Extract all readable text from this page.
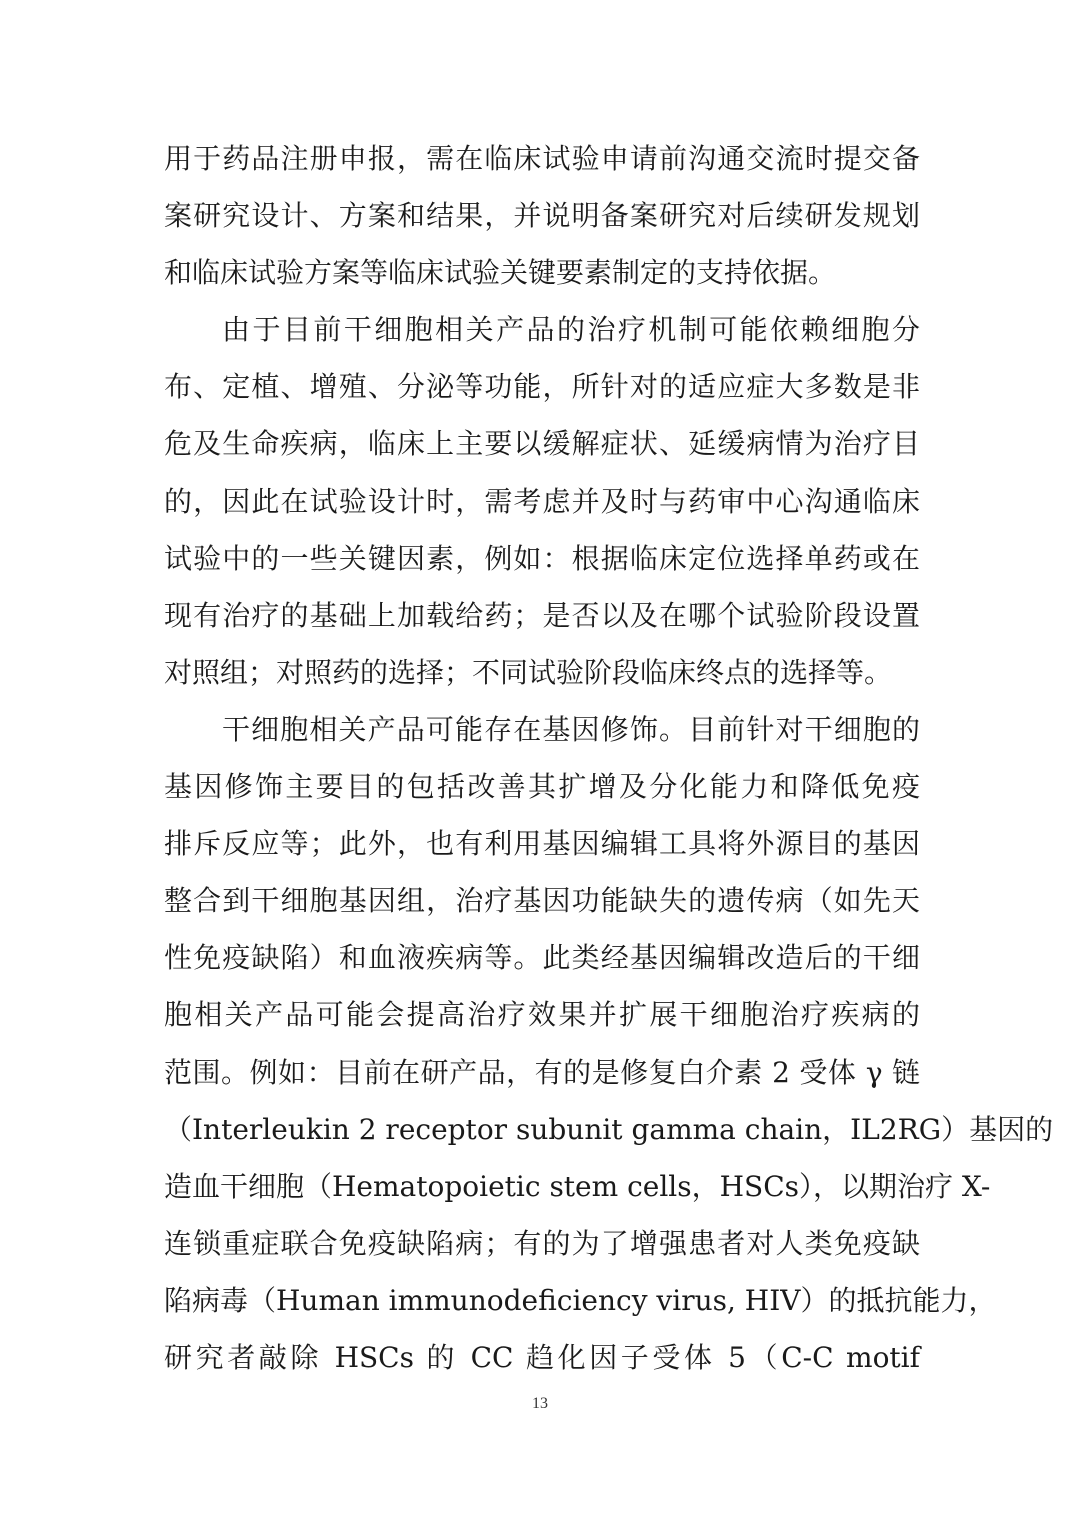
用于药品注册申报，需在临床试验申请前沟通交流时提交备
案研究设计、方案和结果，并说明备案研究对后续研发规划
和临床试验方案等临床试验关键要素制定的支持依据。
由于目前干细胞相关产品的治疗机制可能依赖细胞分
布、定植、增殖、分泌等功能，所针对的适应症大多数是非
危及生命疾病，临床上主要以缓解症状、延缓病情为治疗目
的，因此在试验设计时，需考虑并及时与药审中心沟通临床
试验中的一些关键因素，例如：根据临床定位选择单药或在
现有治疗的基础上加载给药；是否以及在哪个试验阶段设置
对照组；对照药的选择；不同试验阶段临床终点的选择等。
干细胞相关产品可能存在基因修饰。目前针对干细胞的
基因修饰主要目的包括改善其扩增及分化能力和降低免疫
排斥反应等；此外，也有利用基因编辑工具将外源目的基因
整合到干细胞基因组，治疗基因功能缺失的遗传病（如先天
性免疫缺陷）和血液疾病等。此类经基因编辑改造后的干细
胞相关产品可能会提高治疗效果并扩展干细胞治疗疾病的
范围。例如：目前在研产品，有的是修复白介素 2 受体 γ 链
（Interleukin 2 receptor subunit gamma chain，IL2RG）基因的
造血干细胞（Hematopoietic stem cells，HSCs），以期治疗 X-
连锁重症联合免疫缺陷病；有的为了增强患者对人类免疫缺
陷病毒（Human immunodeficiency virus, HIV）的抵抗能力，
研究者敲除 HSCs 的 CC 趋化因子受体 5（C-C motif
13
